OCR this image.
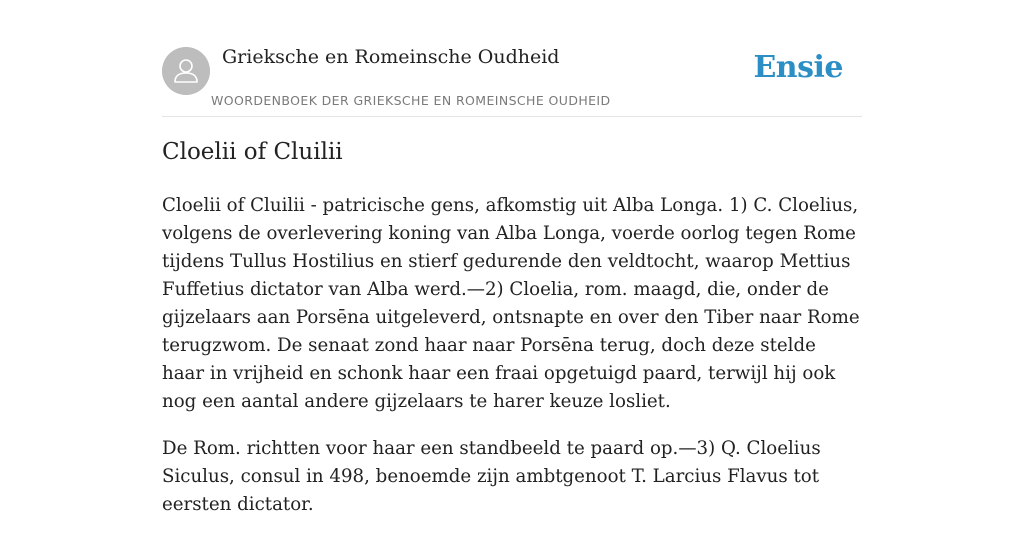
Grieksche en Romeinsche Oudheid
WOORDENBOEK DER GRIEKSCHE EN ROMEINSCHE OUDHEID
Ensie
Cloelii of Cluilii

Cloelii of Cluilii - patricische gens, afkomstig uit Alba Longa. 1) C. Cloelius, volgens de overlevering koning van Alba Longa, voerde oorlog tegen Rome tijdens Tullus Hostilius en stierf gedurende den veldtocht, waarop Mettius Fuffetius dictator van Alba werd.—2) Cloelia, rom. maagd, die, onder de gijzelaars aan Porsēna uitgeleverd, ontsnapte en over den Tiber naar Rome terugzwom. De senaat zond haar naar Porsēna terug, doch deze stelde haar in vrijheid en schonk haar een fraai opgetuigd paard, terwijl hij ook nog een aantal andere gijzelaars te harer keuze losliet.

De Rom. richtten voor haar een standbeeld te paard op.—3) Q. Cloelius Siculus, consul in 498, benoemde zijn ambtgenoot T. Larcius Flavus tot eersten dictator.
